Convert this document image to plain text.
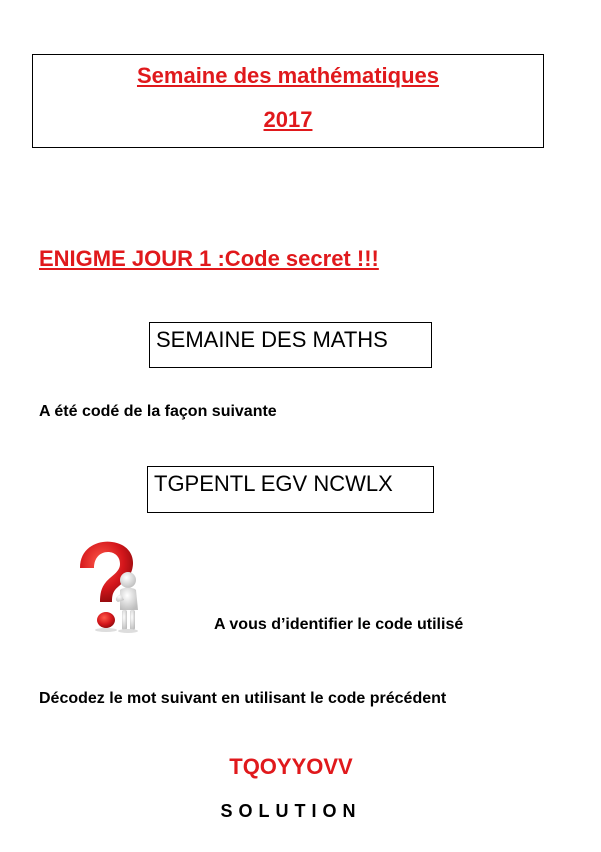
Semaine des mathématiques
2017
ENIGME JOUR 1 :Code secret !!!
SEMAINE DES MATHS
A été codé de la façon suivante
TGPENTL EGV NCWLX
A vous d’identifier le code utilisé
Décodez le mot suivant en utilisant le code précédent
TQOYYOVV
SOLUTION
